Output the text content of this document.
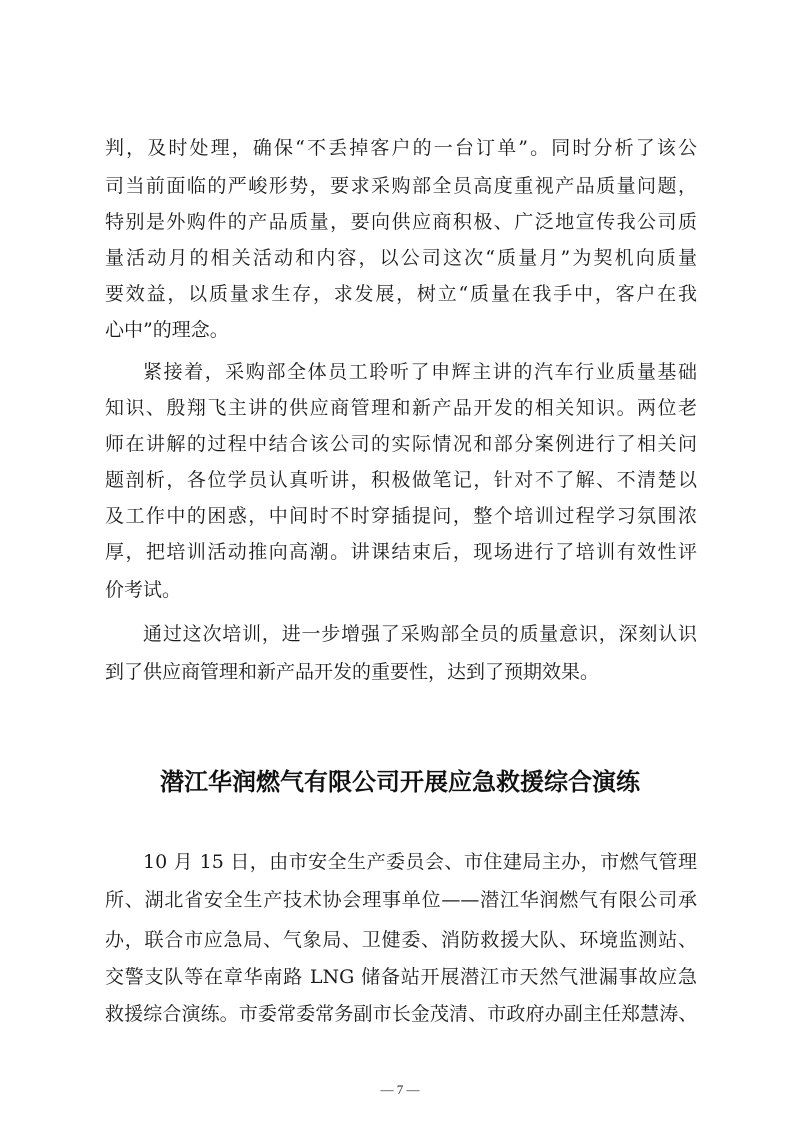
判，及时处理，确保“不丢掉客户的一台订单”。同时分析了该公
司当前面临的严峻形势，要求采购部全员高度重视产品质量问题，
特别是外购件的产品质量，要向供应商积极、广泛地宣传我公司质
量活动月的相关活动和内容，以公司这次“质量月”为契机向质量
要效益，以质量求生存，求发展，树立“质量在我手中，客户在我
心中”的理念。
紧接着，采购部全体员工聆听了申辉主讲的汽车行业质量基础
知识、殷翔飞主讲的供应商管理和新产品开发的相关知识。两位老
师在讲解的过程中结合该公司的实际情况和部分案例进行了相关问
题剖析，各位学员认真听讲，积极做笔记，针对不了解、不清楚以
及工作中的困惑，中间时不时穿插提问，整个培训过程学习氛围浓
厚，把培训活动推向高潮。讲课结束后，现场进行了培训有效性评
价考试。
通过这次培训，进一步增强了采购部全员的质量意识，深刻认识
到了供应商管理和新产品开发的重要性，达到了预期效果。
潜江华润燃气有限公司开展应急救援综合演练
10 月 15 日，由市安全生产委员会、市住建局主办，市燃气管理
所、湖北省安全生产技术协会理事单位——潜江华润燃气有限公司承
办，联合市应急局、气象局、卫健委、消防救援大队、环境监测站、
交警支队等在章华南路 LNG 储备站开展潜江市天然气泄漏事故应急
救援综合演练。市委常委常务副市长金茂清、市政府办副主任郑慧涛、
— 7 —
